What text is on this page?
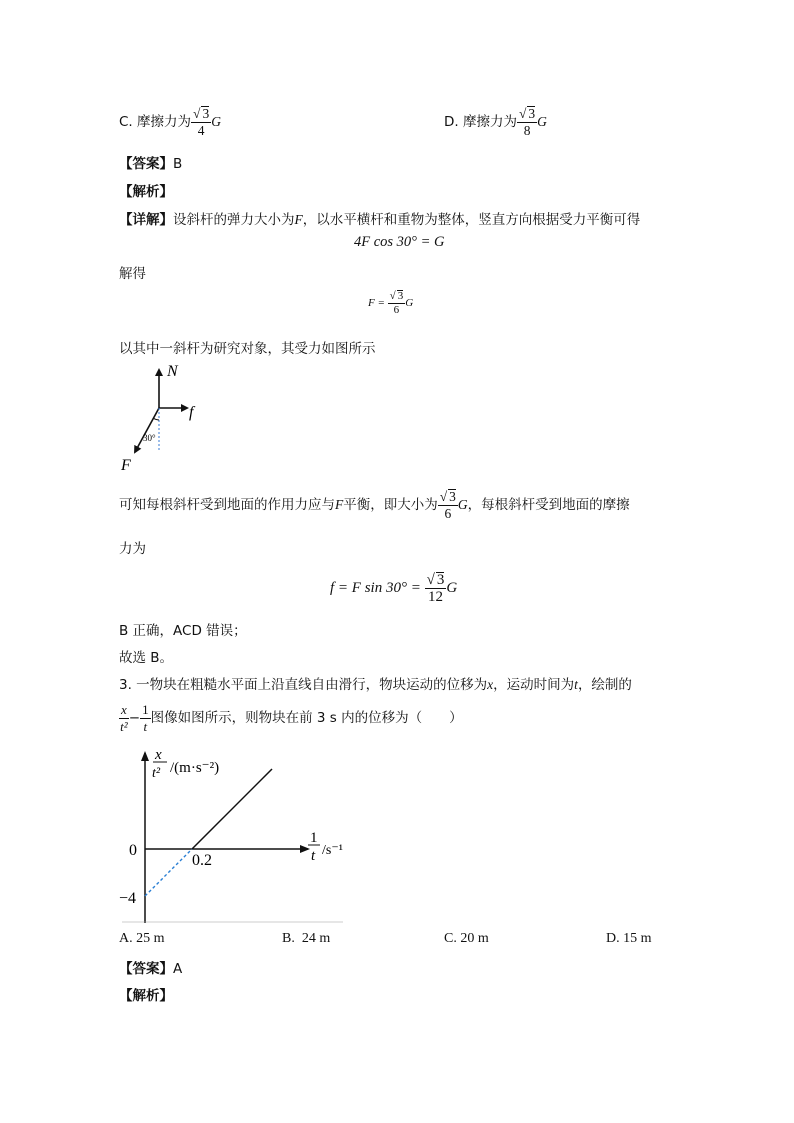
C. 摩擦力为 $\frac{√ 3}{4}$ G	D. 摩擦力为 $\frac{√ 3}{8}$ G
【答案】B
【解析】
【详解】设斜杆的弹力大小为F，以水平横杆和重物为整体，竖直方向根据受力平衡可得
4F cos 30° = G
解得
$F = \frac{√ 3}{6}$ G
以其中一斜杆为研究对象，其受力如图所示
N
f
F
30°
可知每根斜杆受到地面的作用力应与F平衡，即大小为 $\frac{√ 3}{6}$ G，每根斜杆受到地面的摩擦
力为
f = F $\sin 30^\circ = \frac{√ 3}{12}$ G
B 正确，ACD 错误；
故选 B。
3. 一物块在粗糙水平面上沿直线自由滑行，物块运动的位移为x，运动时间为t，绘制的
$\frac{x}{\text{t²}} - \frac{1}{t}$ 图像如图所示，则物块在前 3 s 内的位移为（　　）
x
t² /(m·s⁻²)
1
t /s⁻¹
0
0.2
−4
A. 25 m	B. 24 m	C. 20 m	D. 15 m
【答案】A
【解析】
